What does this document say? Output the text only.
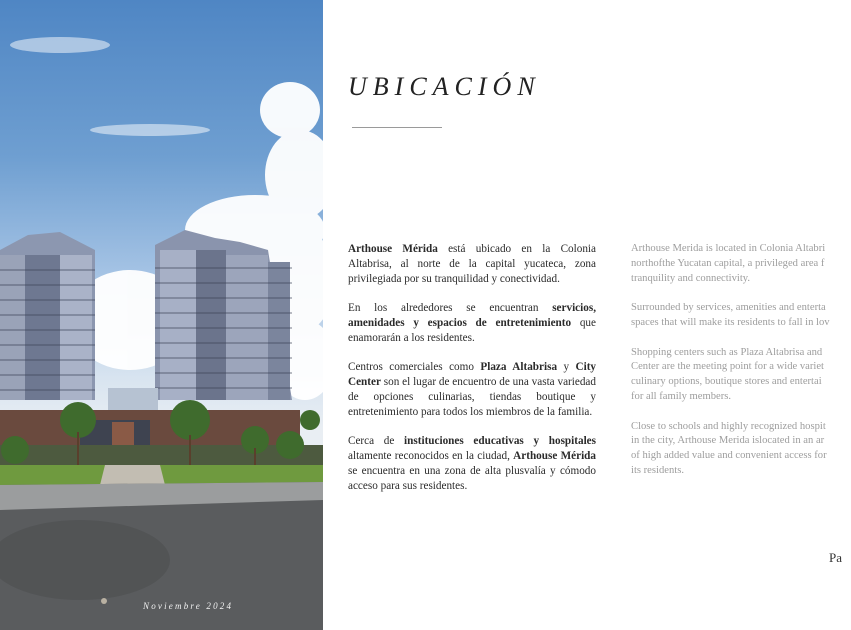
Noviembre 2024
UBICACIÓN

Arthouse Mérida está ubicado en la Colonia Altabrisa, al norte de la capital yucateca, zona privilegiada por su tranquilidad y conectividad.

En los alrededores se encuentran servicios, amenidades y espacios de entretenimiento que enamorarán a los residentes.

Centros comerciales como Plaza Altabrisa y City Center son el lugar de encuentro de una vasta variedad de opciones culinarias, tiendas boutique y entretenimiento para todos los miembros de la familia.

Cerca de instituciones educativas y hospitales altamente reconocidos en la ciudad, Arthouse Mérida se encuentra en una zona de alta plusvalía y cómodo acceso para sus residentes.

Arthouse Merida is located in Colonia Altabri
northofthe Yucatan capital, a privileged area f
tranquility and connectivity.

Surrounded by services, amenities and enterta
spaces that will make its residents to fall in lov

Shopping centers such as Plaza Altabrisa and
Center are the meeting point for a wide variet
culinary options, boutique stores and entertai
for all family members.

Close to schools and highly recognized hospit
in the city, Arthouse Merida islocated in an ar
of high added value and convenient access for
its residents.

Pa
